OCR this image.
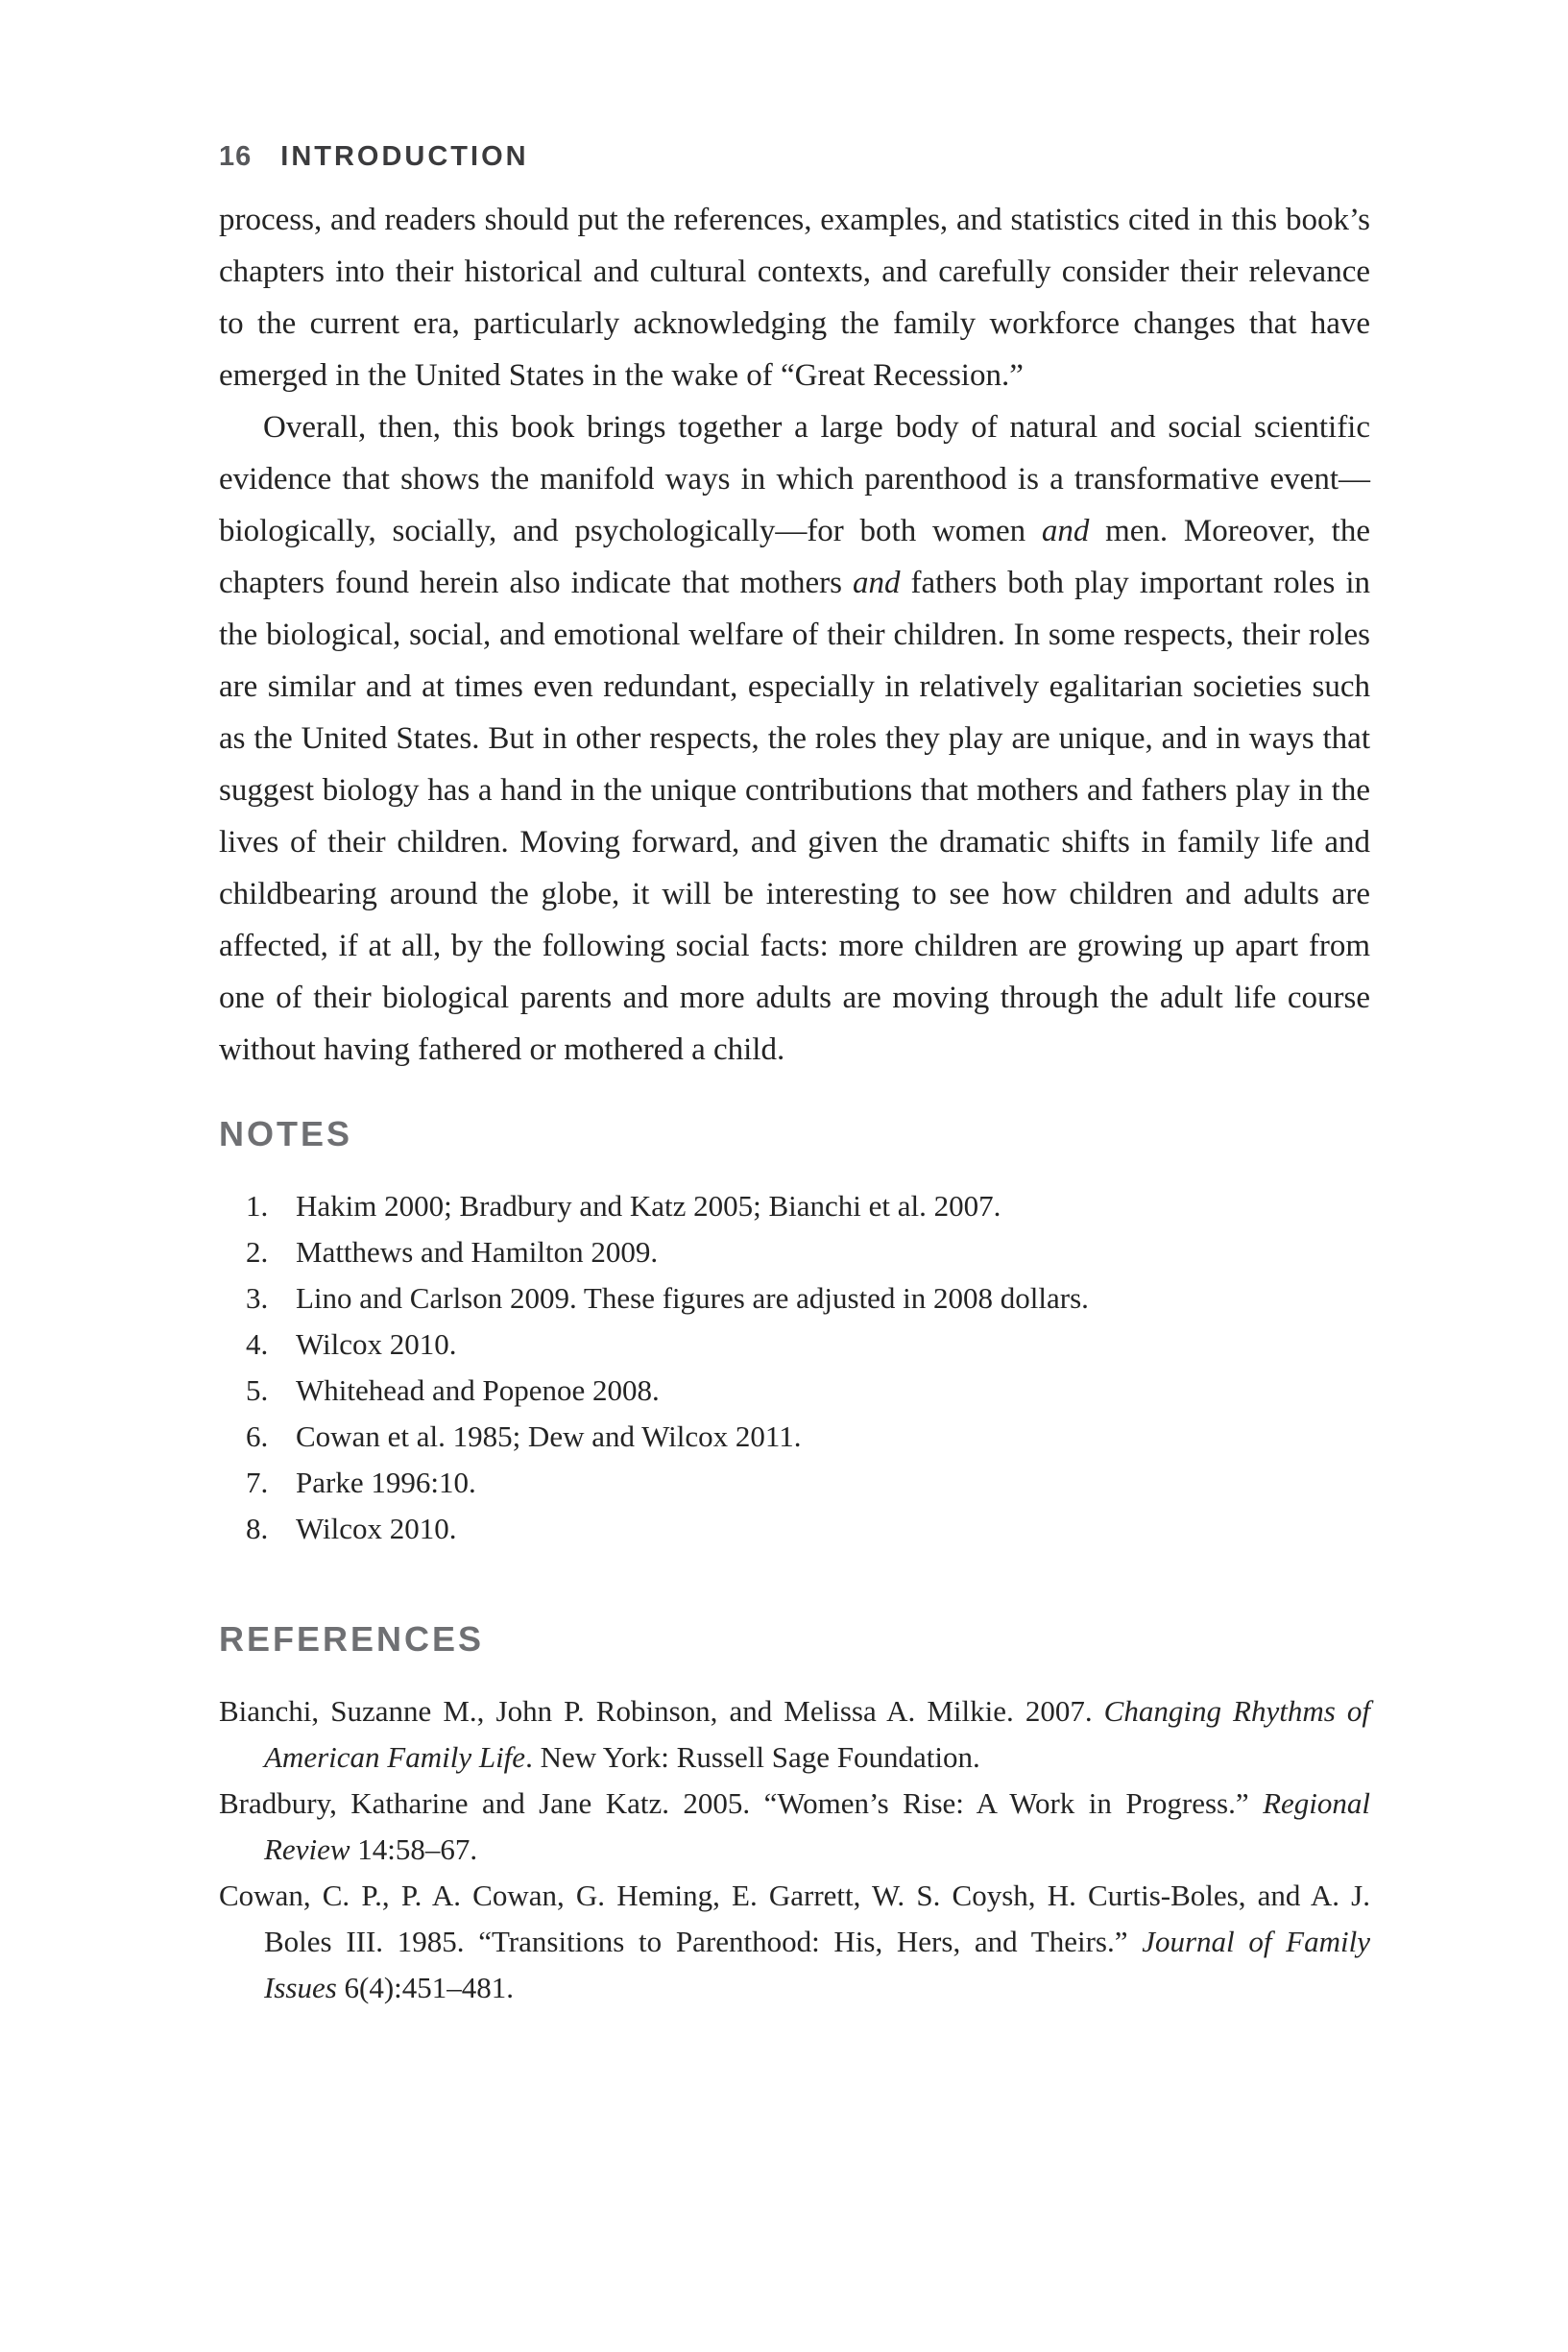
16 INTRODUCTION

process, and readers should put the references, examples, and statistics cited in this book’s chapters into their historical and cultural contexts, and carefully consider their relevance to the current era, particularly acknowledging the family workforce changes that have emerged in the United States in the wake of “Great Recession.”

Overall, then, this book brings together a large body of natural and social scientific evidence that shows the manifold ways in which parenthood is a transformative event—biologically, socially, and psychologically—for both women and men. Moreover, the chapters found herein also indicate that mothers and fathers both play important roles in the biological, social, and emotional welfare of their children. In some respects, their roles are similar and at times even redundant, especially in relatively egalitarian societies such as the United States. But in other respects, the roles they play are unique, and in ways that suggest biology has a hand in the unique contributions that mothers and fathers play in the lives of their children. Moving forward, and given the dramatic shifts in family life and childbearing around the globe, it will be interesting to see how children and adults are affected, if at all, by the following social facts: more children are growing up apart from one of their biological parents and more adults are moving through the adult life course without having fathered or mothered a child.

NOTES
1. Hakim 2000; Bradbury and Katz 2005; Bianchi et al. 2007.
2. Matthews and Hamilton 2009.
3. Lino and Carlson 2009. These figures are adjusted in 2008 dollars.
4. Wilcox 2010.
5. Whitehead and Popenoe 2008.
6. Cowan et al. 1985; Dew and Wilcox 2011.
7. Parke 1996:10.
8. Wilcox 2010.
REFERENCES

Bianchi, Suzanne M., John P. Robinson, and Melissa A. Milkie. 2007. Changing Rhythms of American Family Life. New York: Russell Sage Foundation.

Bradbury, Katharine and Jane Katz. 2005. “Women’s Rise: A Work in Progress.” Regional Review 14:58–67.

Cowan, C. P., P. A. Cowan, G. Heming, E. Garrett, W. S. Coysh, H. Curtis-Boles, and A. J. Boles III. 1985. “Transitions to Parenthood: His, Hers, and Theirs.” Journal of Family Issues 6(4):451–481.
